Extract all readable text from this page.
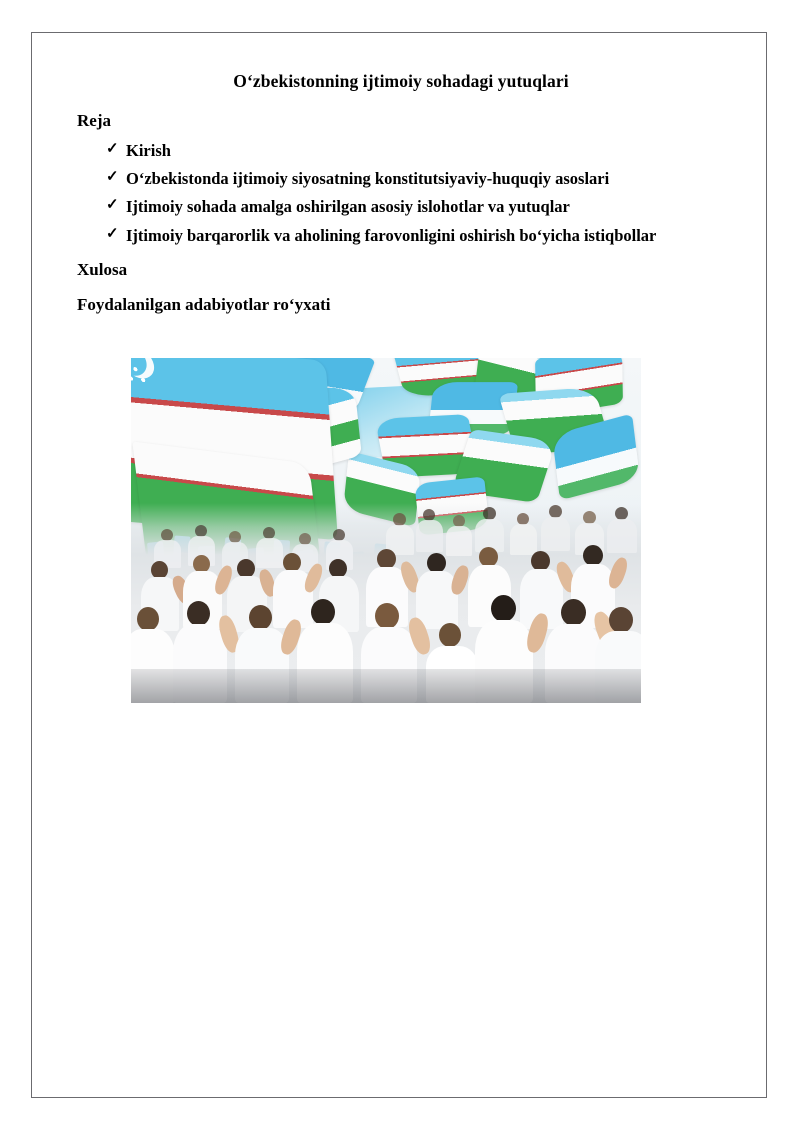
O‘zbekistonning ijtimoiy sohadagi yutuqlari
Reja
✓ Kirish
✓ O‘zbekistonda ijtimoiy siyosatning konstitutsiyaviy-huquqiy asoslari
✓ Ijtimoiy sohada amalga oshirilgan asosiy islohotlar va yutuqlar
✓ Ijtimoiy barqarorlik va aholining farovonligini oshirish bo‘yicha istiqbollar
Xulosa
Foydalanilgan adabiyotlar ro‘yxati
